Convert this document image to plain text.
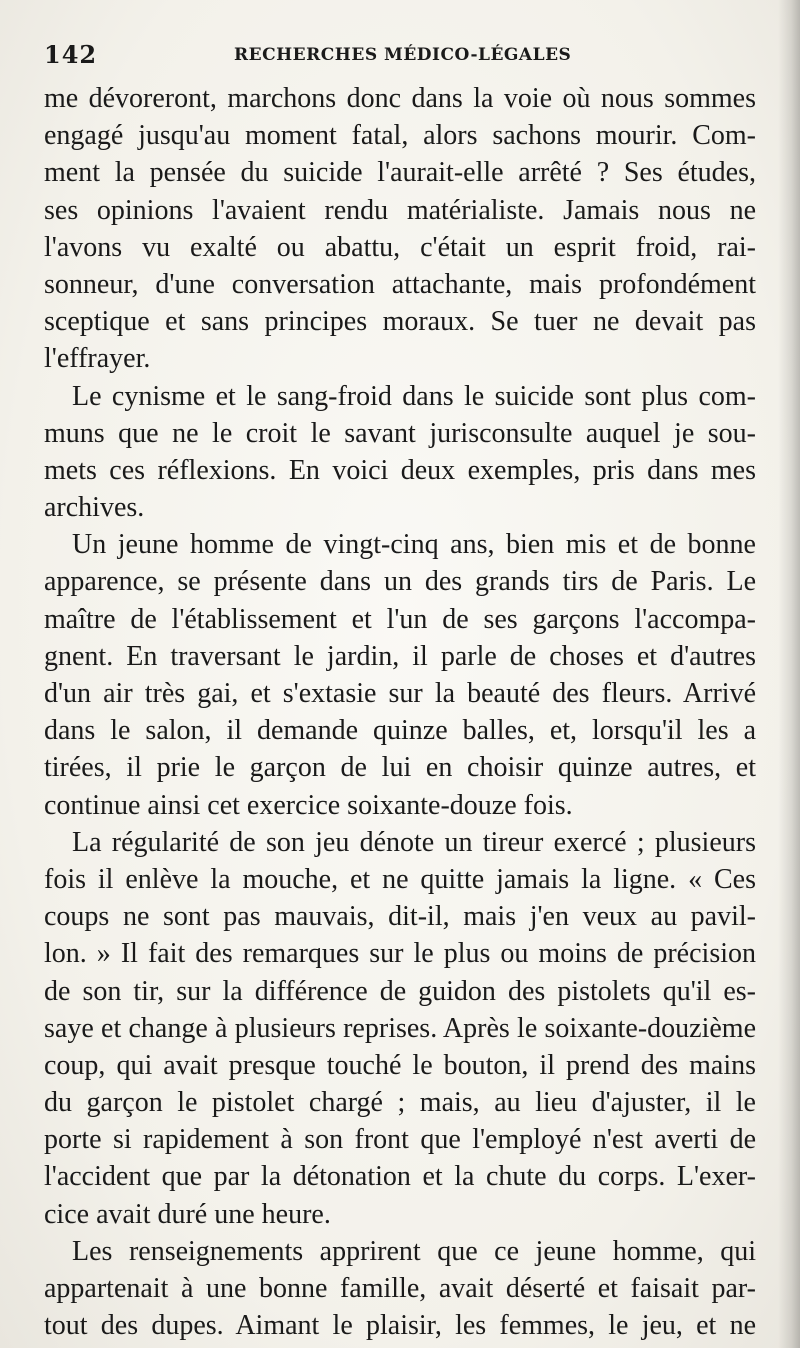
142	RECHERCHES MÉDICO-LÉGALES
me dévoreront, marchons donc dans la voie où nous sommes
engagé jusqu'au moment fatal, alors sachons mourir. Com-
ment la pensée du suicide l'aurait-elle arrêté ? Ses études,
ses opinions l'avaient rendu matérialiste. Jamais nous ne
l'avons vu exalté ou abattu, c'était un esprit froid, rai-
sonneur, d'une conversation attachante, mais profondément
sceptique et sans principes moraux. Se tuer ne devait pas
l'effrayer.
Le cynisme et le sang-froid dans le suicide sont plus com-
muns que ne le croit le savant jurisconsulte auquel je sou-
mets ces réflexions. En voici deux exemples, pris dans mes
archives.
Un jeune homme de vingt-cinq ans, bien mis et de bonne
apparence, se présente dans un des grands tirs de Paris. Le
maître de l'établissement et l'un de ses garçons l'accompa-
gnent. En traversant le jardin, il parle de choses et d'autres
d'un air très gai, et s'extasie sur la beauté des fleurs. Arrivé
dans le salon, il demande quinze balles, et, lorsqu'il les a
tirées, il prie le garçon de lui en choisir quinze autres, et
continue ainsi cet exercice soixante-douze fois.
La régularité de son jeu dénote un tireur exercé ; plusieurs
fois il enlève la mouche, et ne quitte jamais la ligne. « Ces
coups ne sont pas mauvais, dit-il, mais j'en veux au pavil-
lon. » Il fait des remarques sur le plus ou moins de précision
de son tir, sur la différence de guidon des pistolets qu'il es-
saye et change à plusieurs reprises. Après le soixante-douzième
coup, qui avait presque touché le bouton, il prend des mains
du garçon le pistolet chargé ; mais, au lieu d'ajuster, il le
porte si rapidement à son front que l'employé n'est averti de
l'accident que par la détonation et la chute du corps. L'exer-
cice avait duré une heure.
Les renseignements apprirent que ce jeune homme, qui
appartenait à une bonne famille, avait déserté et faisait par-
tout des dupes. Aimant le plaisir, les femmes, le jeu, et ne
